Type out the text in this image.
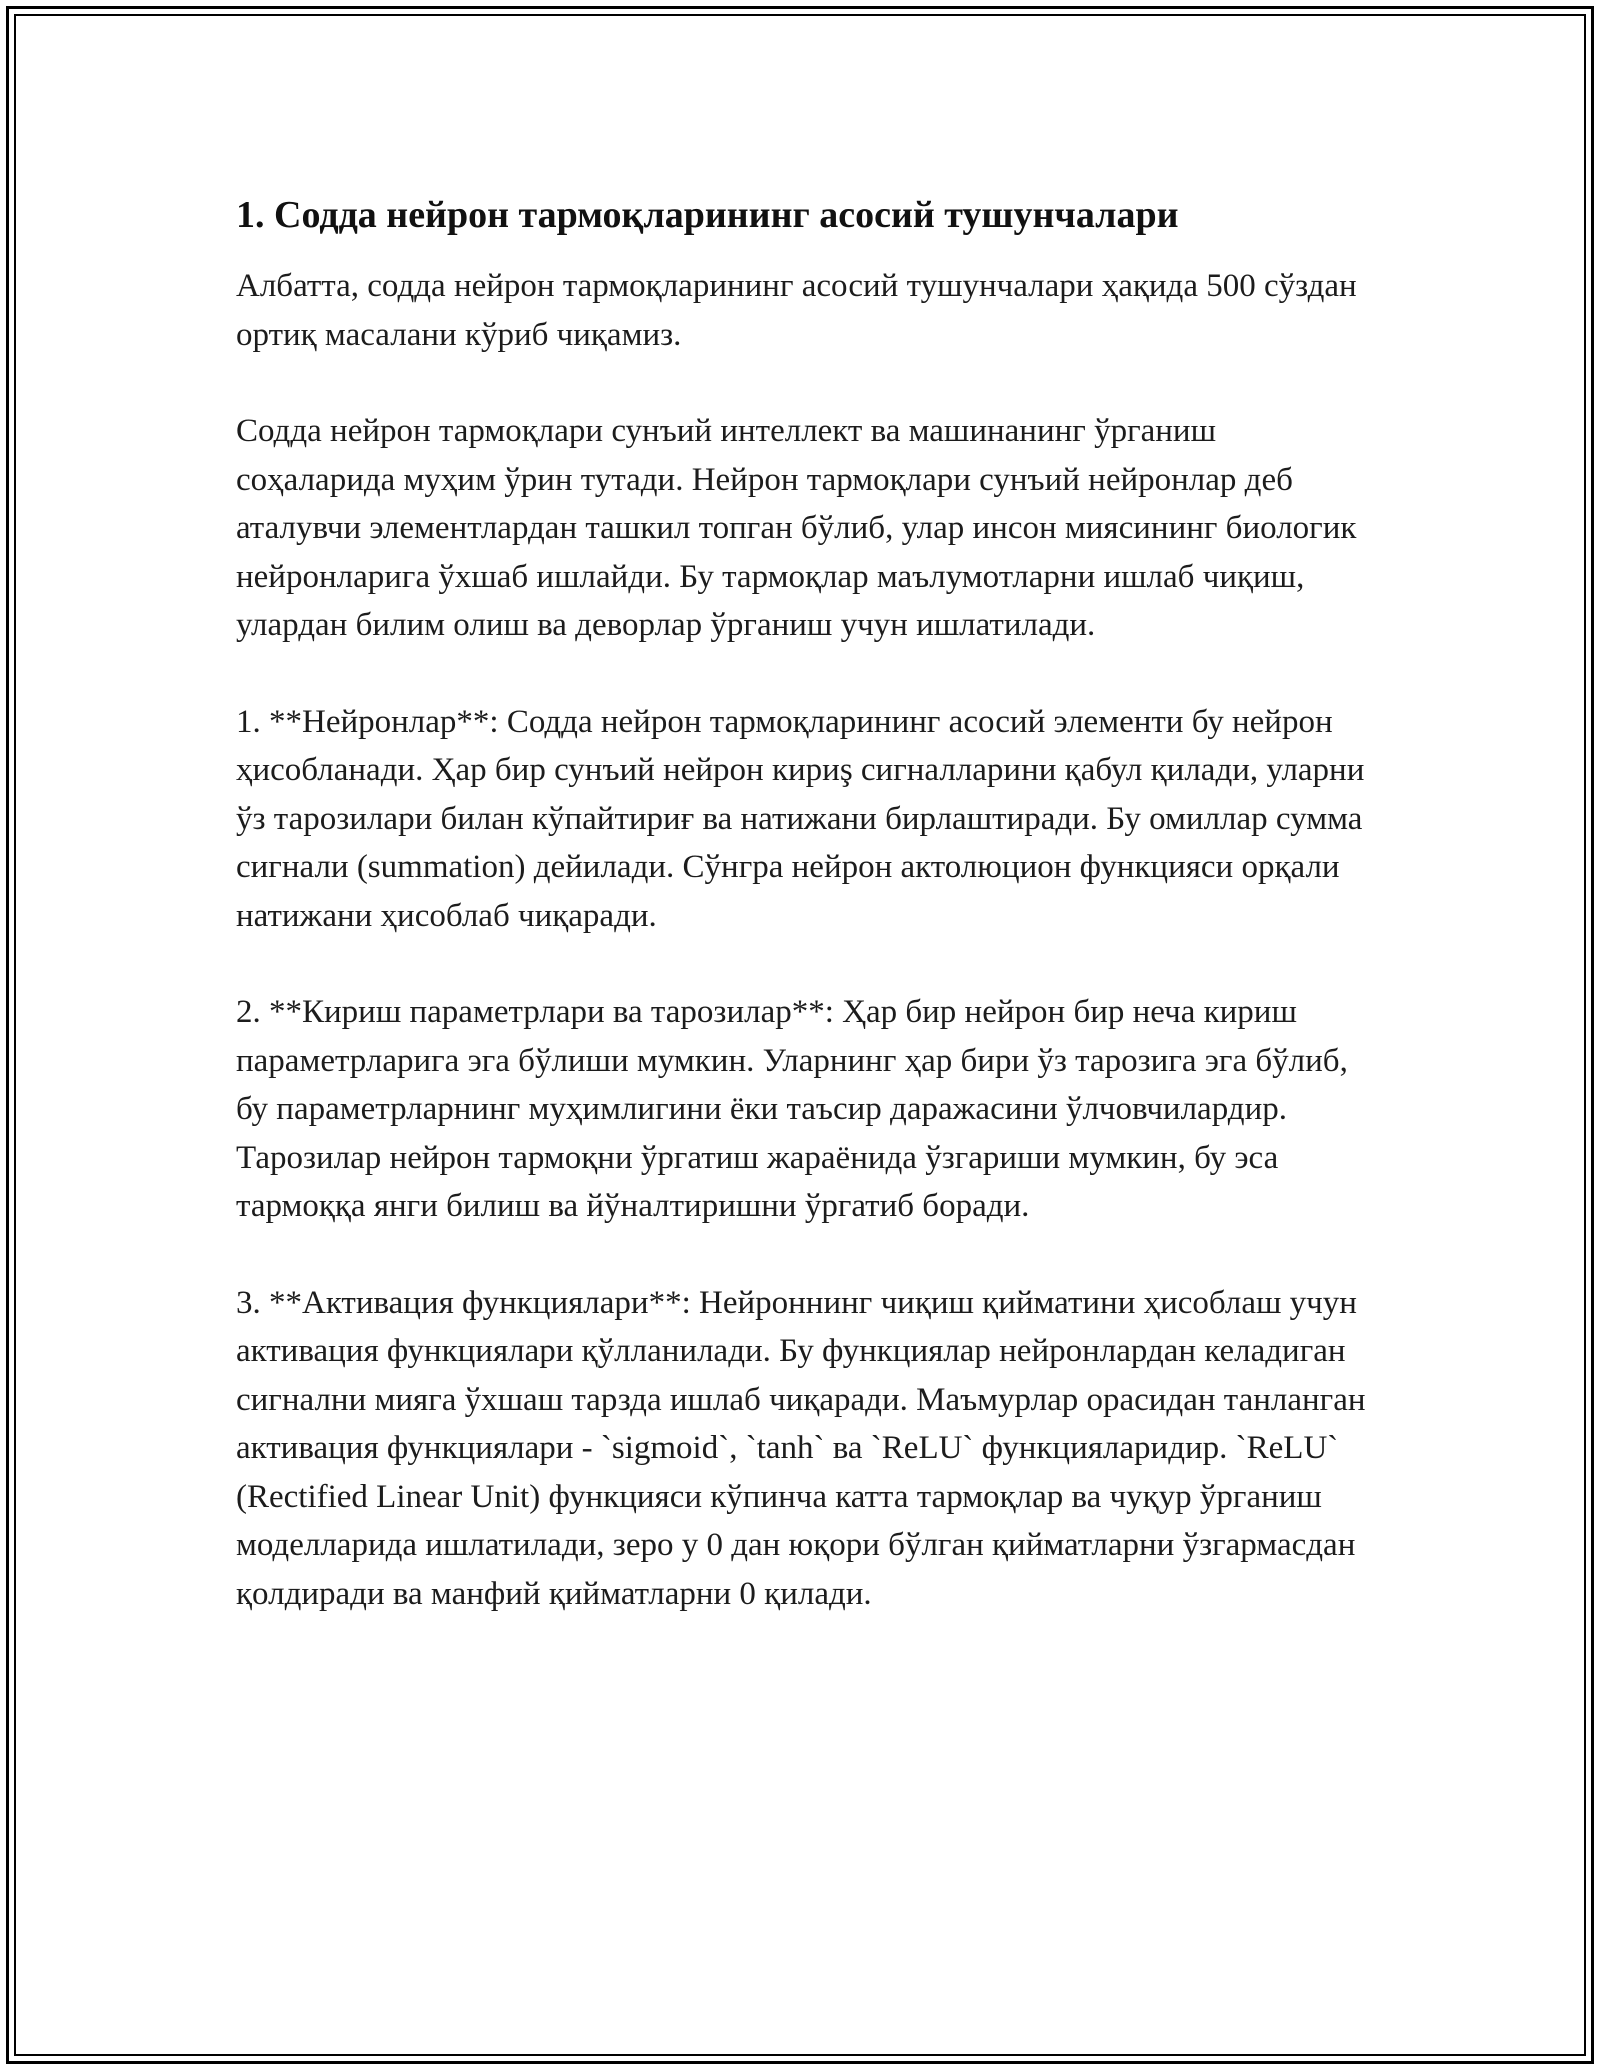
1. Содда нейрон тармоқларининг асосий тушунчалари

Албатта, содда нейрон тармоқларининг асосий тушунчалари ҳақида 500 сўздан ортиқ масалани кўриб чиқамиз.

Содда нейрон тармоқлари сунъий интеллект ва машинанинг ўрганиш соҳаларида муҳим ўрин тутади. Нейрон тармоқлари сунъий нейронлар деб аталувчи элементлардан ташкил топган бўлиб, улар инсон миясининг биологик нейронларига ўхшаб ишлайди. Бу тармоқлар маълумотларни ишлаб чиқиш, улардан билим олиш ва деворлар ўрганиш учун ишлатилади.

1. **Нейронлар**: Содда нейрон тармоқларининг асосий элементи бу нейрон ҳисобланади. Ҳар бир сунъий нейрон кириş сигналларини қабул қилади, уларни ўз тарозилари билан кўпайтириғ ва натижани бирлаштиради. Бу омиллар сумма сигнали (summation) дейилади. Сўнгра нейрон актолюцион функцияси орқали натижани ҳисоблаб чиқаради.

2. **Кириш параметрлари ва тарозилар**: Ҳар бир нейрон бир неча кириш параметрларига эга бўлиши мумкин. Уларнинг ҳар бири ўз тарозига эга бўлиб, бу параметрларнинг муҳимлигини ёки таъсир даражасини ўлчовчилардир. Тарозилар нейрон тармоқни ўргатиш жараёнида ўзгариши мумкин, бу эса тармоққа янги билиш ва йўналтиришни ўргатиб боради.

3. **Активация функциялари**: Нейроннинг чиқиш қийматини ҳисоблаш учун активация функциялари қўлланилади. Бу функциялар нейронлардан келадиган сигнални мияга ўхшаш тарзда ишлаб чиқаради. Маъмурлар орасидан танланган активация функциялари - `sigmoid`, `tanh` ва `ReLU` функцияларидир. `ReLU` (Rectified Linear Unit) функцияси кўпинча катта тармоқлар ва чуқур ўрганиш моделларида ишлатилади, зеро у 0 дан юқори бўлган қийматларни ўзгармасдан қолдиради ва манфий қийматларни 0 қилади.
